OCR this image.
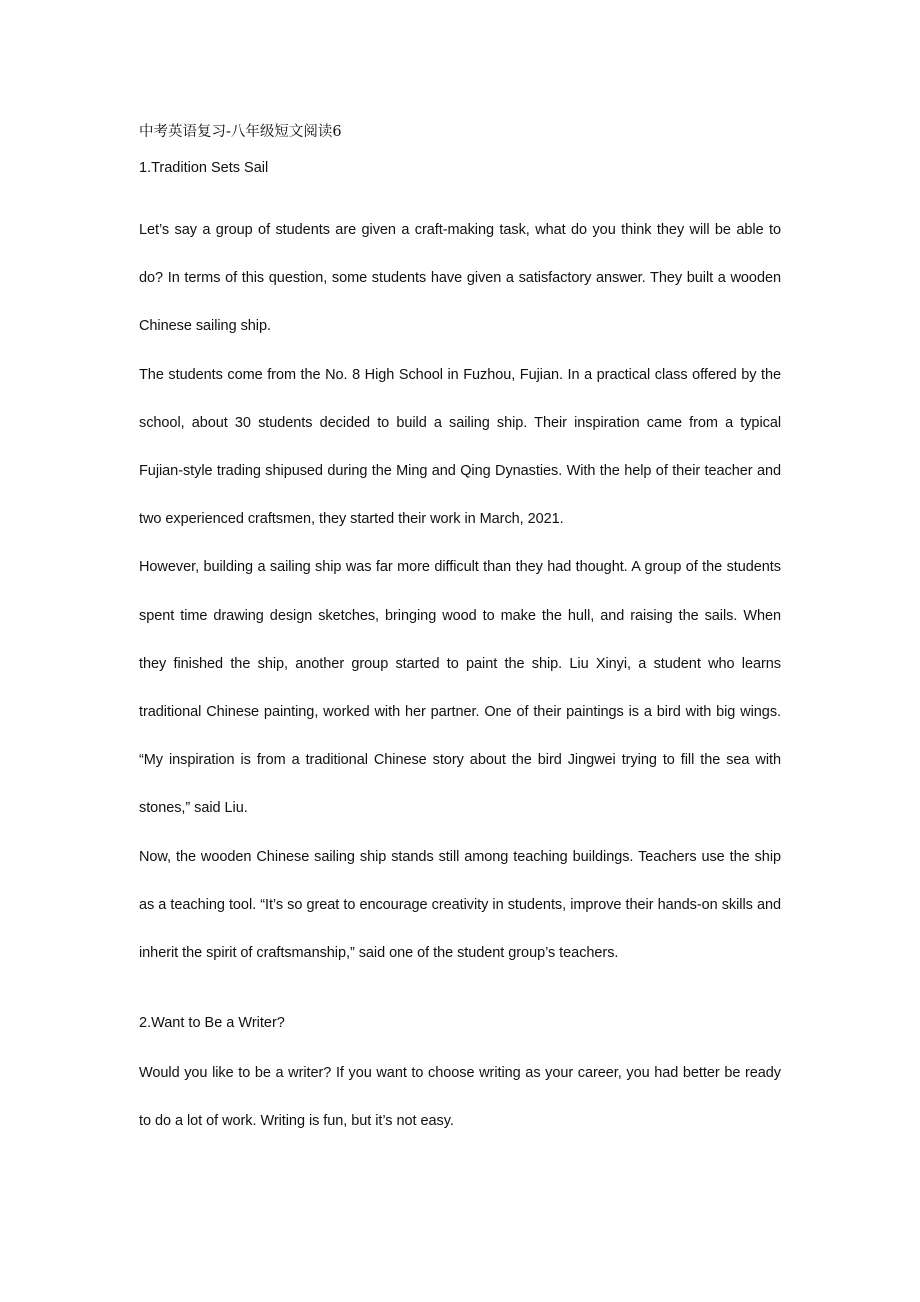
中考英语复习-八年级短文阅读6
1.Tradition Sets Sail

Let’s say a group of students are given a craft-making task, what do you think they will be able to do? In terms of this question, some students have given a satisfactory answer. They built a wooden Chinese sailing ship.

The students come from the No. 8 High School in Fuzhou, Fujian. In a practical class offered by the school, about 30 students decided to build a sailing ship. Their inspiration came from a typical Fujian-style trading shipused during the Ming and Qing Dynasties. With the help of their teacher and two experienced craftsmen, they started their work in March, 2021.

However, building a sailing ship was far more difficult than they had thought. A group of the students spent time drawing design sketches, bringing wood to make the hull, and raising the sails. When they finished the ship, another group started to paint the ship. Liu Xinyi, a student who learns traditional Chinese painting, worked with her partner. One of their paintings is a bird with big wings. “My inspiration is from a traditional Chinese story about the bird Jingwei trying to fill the sea with stones,” said Liu.

Now, the wooden Chinese sailing ship stands still among teaching buildings. Teachers use the ship as a teaching tool. “It’s so great to encourage creativity in students, improve their hands-on skills and inherit the spirit of craftsmanship,” said one of the student group’s teachers.

2.Want to Be a Writer?

Would you like to be a writer? If you want to choose writing as your career, you had better be ready to do a lot of work. Writing is fun, but it’s not easy.
